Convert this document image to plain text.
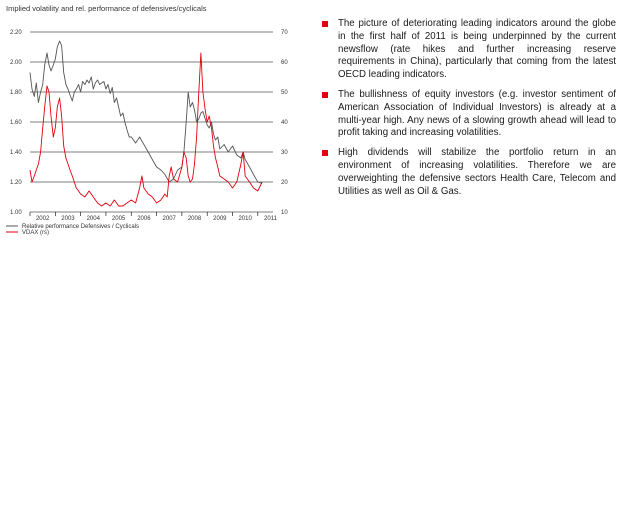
Implied volatility and rel. performance of defensives/cyclicals
1.00	10
1.20	20
1.40	30
1.60	40
1.80	50
2.00	60
2.20	70
2002 2003 2004 2005 2006 2007 2008 2009 2010 2011
Relative performance Defensives / Cyclicals
VDAX (rs)
The picture of deteriorating leading indicators around the globe in the first half of 2011 is being underpinned by the current newsflow (rate hikes and further increasing reserve requirements in China), particularly that coming from the latest OECD leading indicators.
The bullishness of equity investors (e.g. investor sentiment of American Association of Individual Investors) is already at a multi-year high. Any news of a slowing growth ahead will lead to profit taking and increasing volatilities.
High dividends will stabilize the portfolio return in an environment of increasing volatilities. Therefore we are overweighting the defensive sectors Health Care, Telecom and Utilities as well as Oil & Gas.
